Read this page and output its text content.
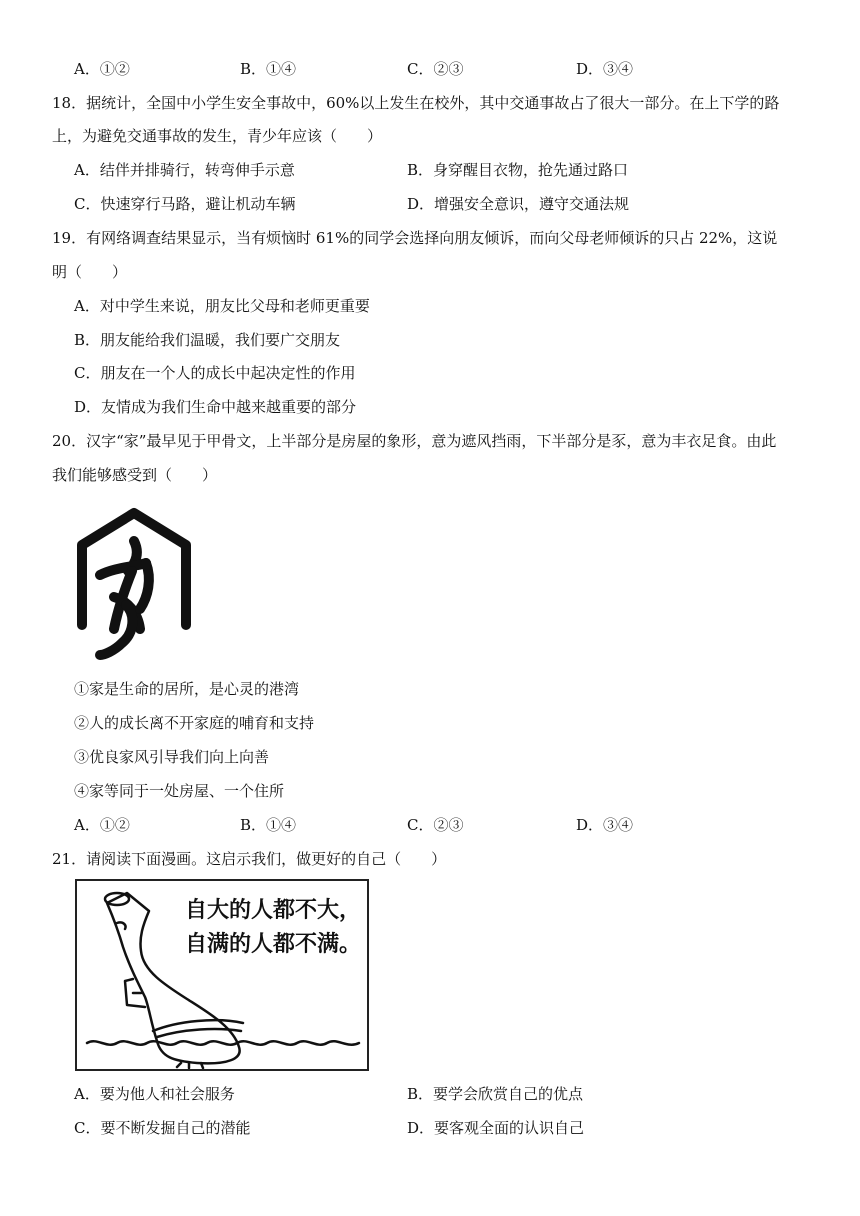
A．①②	B．①④	C．②③	D．③④
18．据统计，全国中小学生安全事故中，60%以上发生在校外，其中交通事故占了很大一部分。在上下学的路
上，为避免交通事故的发生，青少年应该（　　）
A．结伴并排骑行，转弯伸手示意	B．身穿醒目衣物，抢先通过路口
C．快速穿行马路，避让机动车辆	D．增强安全意识，遵守交通法规
19．有网络调查结果显示，当有烦恼时 61%的同学会选择向朋友倾诉，而向父母老师倾诉的只占 22%，这说
明（　　）
A．对中学生来说，朋友比父母和老师更重要
B．朋友能给我们温暖，我们要广交朋友
C．朋友在一个人的成长中起决定性的作用
D．友情成为我们生命中越来越重要的部分
20．汉字“家”最早见于甲骨文，上半部分是房屋的象形，意为遮风挡雨，下半部分是豕，意为丰衣足食。由此
我们能够感受到（　　）
①家是生命的居所，是心灵的港湾
②人的成长离不开家庭的哺育和支持
③优良家风引导我们向上向善
④家等同于一处房屋、一个住所
A．①②	B．①④	C．②③	D．③④
21．请阅读下面漫画。这启示我们，做更好的自己（　　）
自大的人都不大，
自满的人都不满。
A．要为他人和社会服务	B．要学会欣赏自己的优点
C．要不断发掘自己的潜能	D．要客观全面的认识自己
